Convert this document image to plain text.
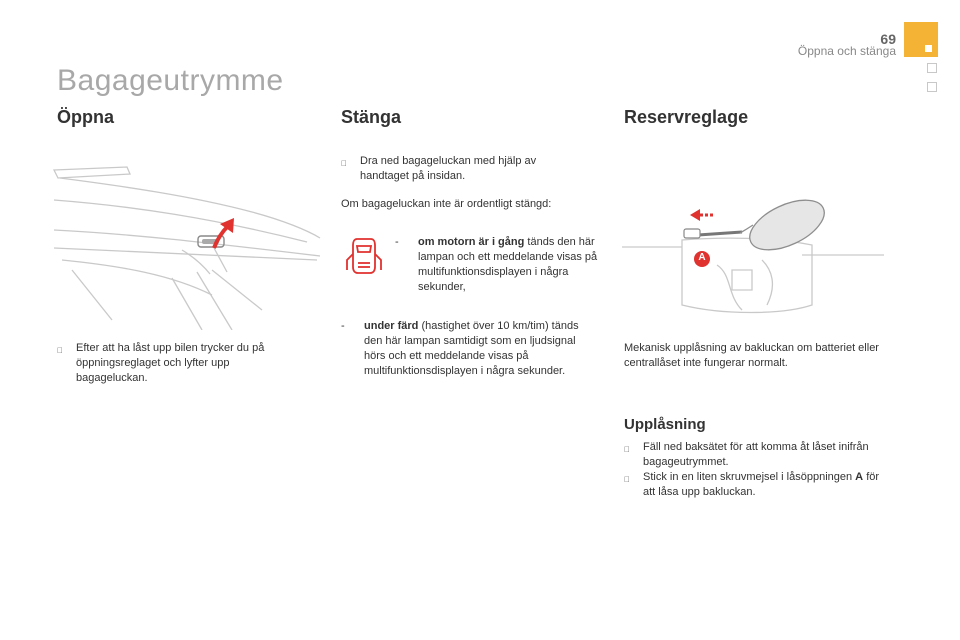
69
Öppna och stänga
Bagageutrymme
Öppna
Efter att ha låst upp bilen trycker du på öppningsreglaget och lyfter upp bagageluckan.
Stänga
Dra ned bagageluckan med hjälp av handtaget på insidan.
Om bagageluckan inte är ordentligt stängd:
-	om motorn är i gång tänds den här lampan och ett meddelande visas på multifunktionsdisplayen i några sekunder,
-	under färd (hastighet över 10 km/tim) tänds den här lampan samtidigt som en ljudsignal hörs och ett meddelande visas på multifunktionsdisplayen i några sekunder.
Reservreglage
A
Mekanisk upplåsning av bakluckan om batteriet eller centrallåset inte fungerar normalt.
Upplåsning
Fäll ned baksätet för att komma åt låset inifrån bagageutrymmet.
Stick in en liten skruvmejsel i låsöppningen A för att låsa upp bakluckan.
